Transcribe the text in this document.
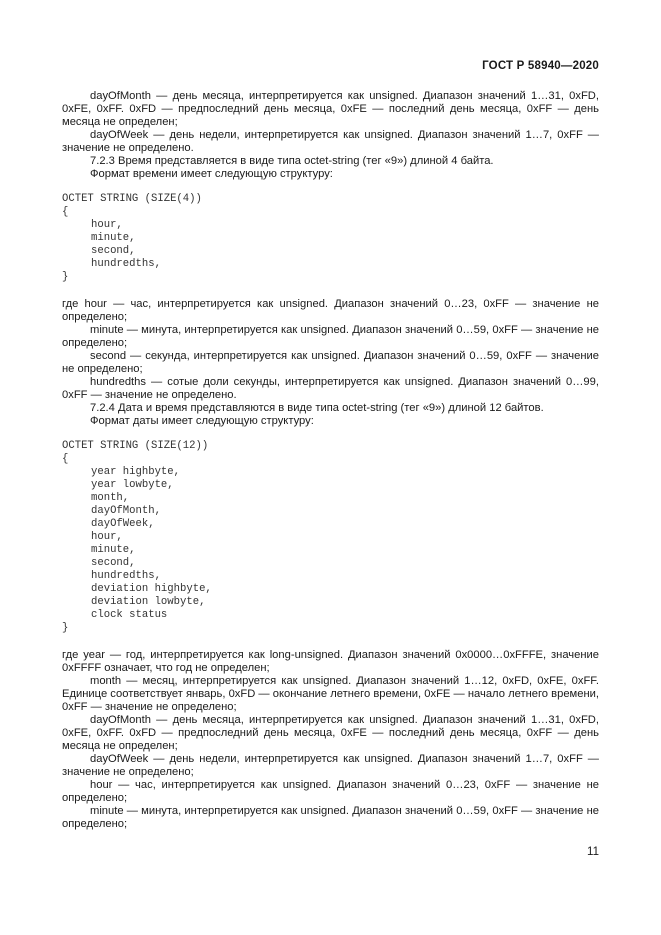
ГОСТ Р 58940—2020

dayOfMonth — день месяца, интерпретируется как unsigned. Диапазон значений 1…31, 0xFD, 0xFE, 0xFF. 0xFD — предпоследний день месяца, 0xFE — последний день месяца, 0xFF — день месяца не определен;

dayOfWeek — день недели, интерпретируется как unsigned. Диапазон значений 1…7, 0xFF — значение не определено.

7.2.3 Время представляется в виде типа octet-string (тег «9») длиной 4 байта.

Формат времени имеет следующую структуру:

OCTET STRING (SIZE(4))
{
hour,
minute,
second,
hundredths,
}

где hour — час, интерпретируется как unsigned. Диапазон значений 0…23, 0xFF — значение не определено;

minute — минута, интерпретируется как unsigned. Диапазон значений 0…59, 0xFF — значение не определено;

second — секунда, интерпретируется как unsigned. Диапазон значений 0…59, 0xFF — значение не определено;

hundredths — сотые доли секунды, интерпретируется как unsigned. Диапазон значений 0…99, 0xFF — значение не определено.

7.2.4 Дата и время представляются в виде типа octet-string (тег «9») длиной 12 байтов.

Формат даты имеет следующую структуру:

OCTET STRING (SIZE(12))
{
year highbyte,
year lowbyte,
month,
dayOfMonth,
dayOfWeek,
hour,
minute,
second,
hundredths,
deviation highbyte,
deviation lowbyte,
clock status
}

где year — год, интерпретируется как long-unsigned. Диапазон значений 0x0000…0xFFFE, значение 0xFFFF означает, что год не определен;

month — месяц, интерпретируется как unsigned. Диапазон значений 1…12, 0xFD, 0xFE, 0xFF. Единице соответствует январь, 0xFD — окончание летнего времени, 0xFE — начало летнего времени, 0xFF — значение не определено;

dayOfMonth — день месяца, интерпретируется как unsigned. Диапазон значений 1…31, 0xFD, 0xFE, 0xFF. 0xFD — предпоследний день месяца, 0xFE — последний день месяца, 0xFF — день месяца не определен;

dayOfWeek — день недели, интерпретируется как unsigned. Диапазон значений 1…7, 0xFF — значение не определено;

hour — час, интерпретируется как unsigned. Диапазон значений 0…23, 0xFF — значение не определено;

minute — минута, интерпретируется как unsigned. Диапазон значений 0…59, 0xFF — значение не определено;

11
